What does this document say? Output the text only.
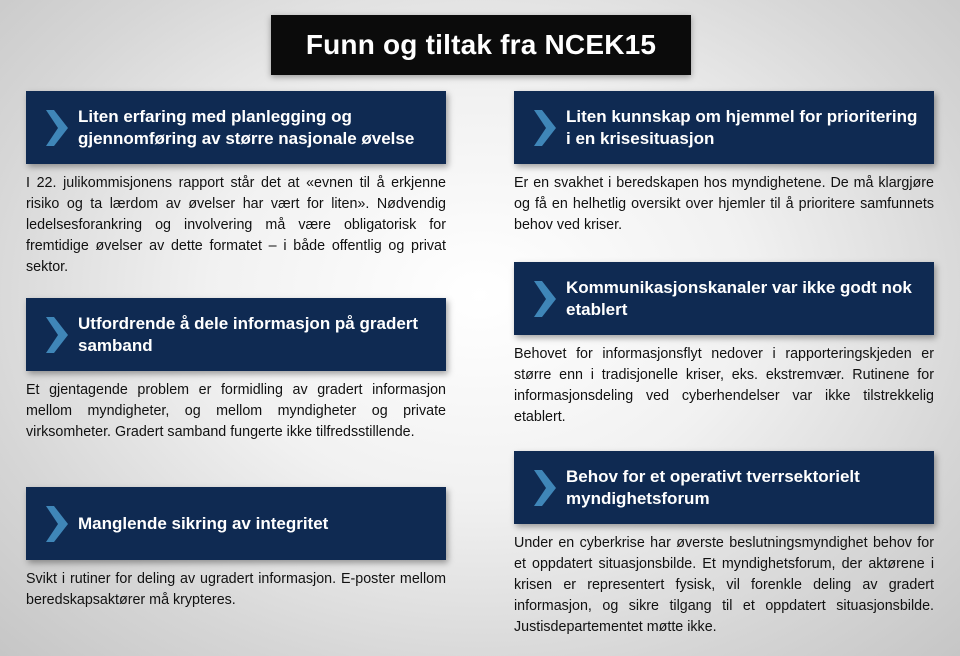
Funn og tiltak fra NCEK15
Liten erfaring med planlegging og gjennomføring av større nasjonale øvelse
I 22. julikommisjonens rapport står det at «evnen til å erkjenne risiko og ta lærdom av øvelser har vært for liten». Nødvendig ledelsesforankring og involvering må være obligatorisk for fremtidige øvelser av dette formatet – i både offentlig og privat sektor.
Liten kunnskap om hjemmel for prioritering i en krisesituasjon
Er en svakhet i beredskapen hos myndighetene. De må klargjøre og få en helhetlig oversikt over hjemler til å prioritere samfunnets behov ved kriser.
Utfordrende å dele informasjon på gradert samband
Et gjentagende problem er formidling av gradert informasjon mellom myndigheter, og mellom myndigheter og private virksomheter. Gradert samband fungerte ikke tilfredsstillende.
Kommunikasjonskanaler var ikke godt nok etablert
Behovet for informasjonsflyt nedover i rapporteringskjeden er større enn i tradisjonelle kriser, eks. ekstremvær. Rutinene for informasjonsdeling ved cyberhendelser var ikke tilstrekkelig etablert.
Manglende sikring av integritet
Svikt i rutiner for deling av ugradert informasjon. E-poster mellom beredskapsaktører må krypteres.
Behov for et operativt tverrsektorielt myndighetsforum
Under en cyberkrise har øverste beslutningsmyndighet behov for et oppdatert situasjonsbilde. Et myndighetsforum, der aktørene i krisen er representert fysisk, vil forenkle deling av gradert informasjon, og sikre tilgang til et oppdatert situasjonsbilde. Justisdepartementet møtte ikke.
